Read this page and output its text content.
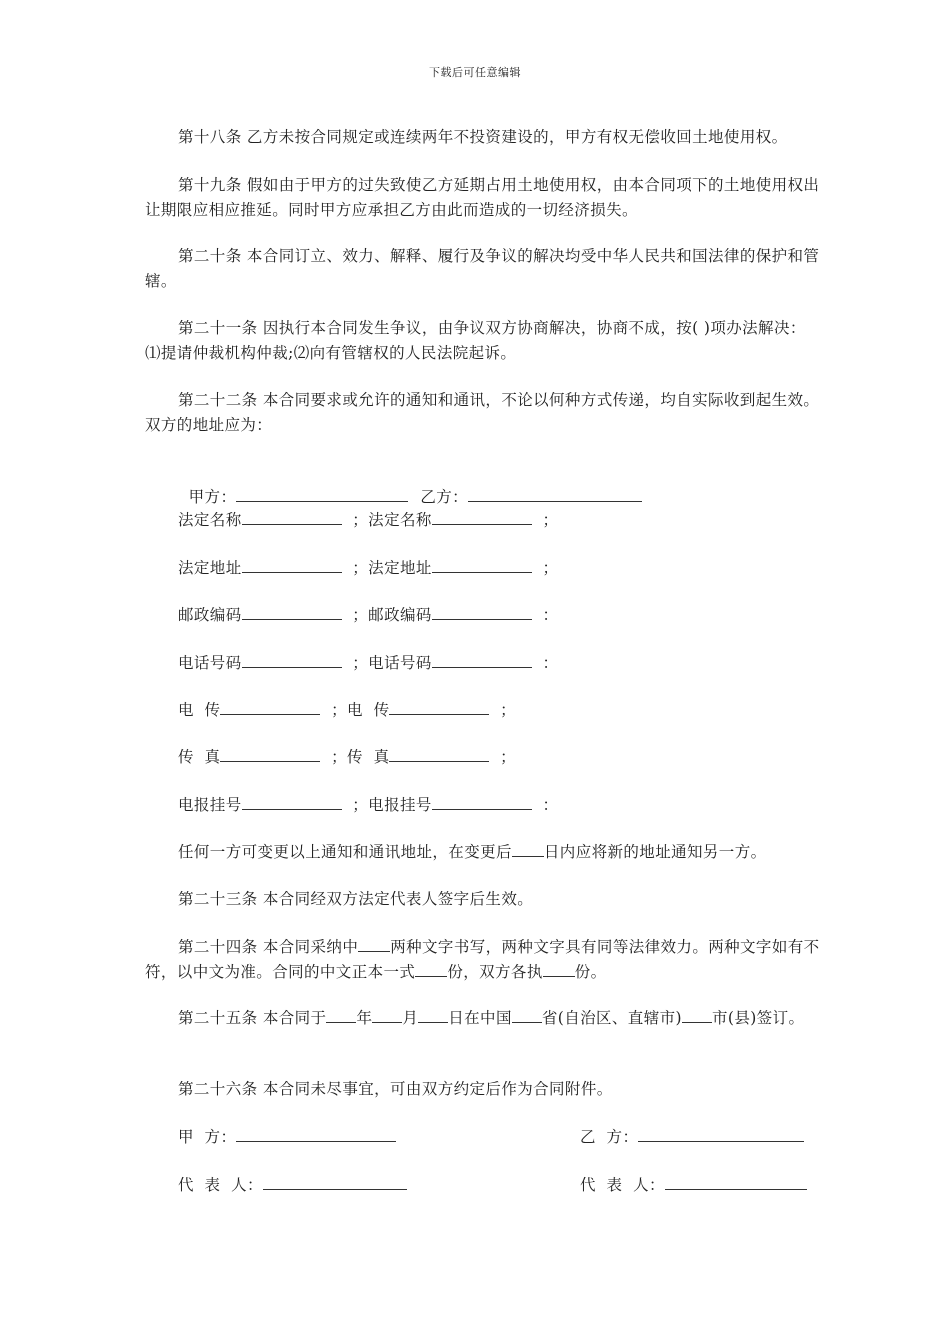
下载后可任意编辑
第十八条 乙方未按合同规定或连续两年不投资建设的，甲方有权无偿收回土地使用权。
第十九条 假如由于甲方的过失致使乙方延期占用土地使用权，由本合同项下的土地使用权出让期限应相应推延。同时甲方应承担乙方由此而造成的一切经济损失。
第二十条 本合同订立、效力、解释、履行及争议的解决均受中华人民共和国法律的保护和管辖。
第二十一条 因执行本合同发生争议，由争议双方协商解决，协商不成，按( )项办法解决：⑴提请仲裁机构仲裁;⑵向有管辖权的人民法院起诉。
第二十二条 本合同要求或允许的通知和通讯，不论以何种方式传递，均自实际收到起生效。双方的地址应为：

甲方：	乙方：

法定名称	；法定名称	；
法定地址	；法定地址	；
邮政编码	；邮政编码	：
电话号码	；电话号码	：
电  传	；电  传	；
传  真	；传  真	；
电报挂号	；电报挂号	：
任何一方可变更以上通知和通讯地址，在变更后 日内应将新的地址通知另一方。
第二十三条 本合同经双方法定代表人签字后生效。
第二十四条 本合同采纳中 两种文字书写，两种文字具有同等法律效力。两种文字如有不符，以中文为准。合同的中文正本一式 份，双方各执 份。
第二十五条 本合同于 年 月 日在中国 省(自治区、直辖市) 市(县)签订。
第二十六条 本合同未尽事宜，可由双方约定后作为合同附件。
甲  方：	乙  方：
代  表  人：	代  表  人：
